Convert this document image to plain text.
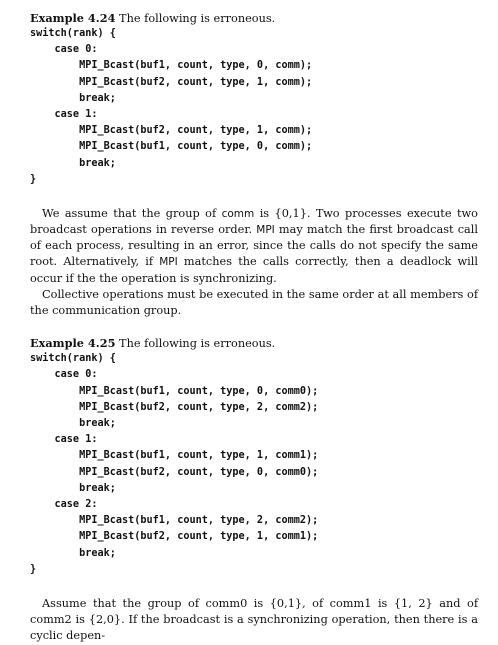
Example 4.24 The following is erroneous.
switch(rank) {
case 0:
MPI_Bcast(buf1, count, type, 0, comm);
MPI_Bcast(buf2, count, type, 1, comm);
break;
case 1:
MPI_Bcast(buf2, count, type, 1, comm);
MPI_Bcast(buf1, count, type, 0, comm);
break;
}

We assume that the group of comm is {0,1}. Two processes execute two broadcast operations in reverse order. MPI may match the first broadcast call of each process, resulting in an error, since the calls do not specify the same root. Alternatively, if MPI matches the calls correctly, then a deadlock will occur if the the operation is synchronizing.

Collective operations must be executed in the same order at all members of the communication group.

Example 4.25 The following is erroneous.
switch(rank) {
case 0:
MPI_Bcast(buf1, count, type, 0, comm0);
MPI_Bcast(buf2, count, type, 2, comm2);
break;
case 1:
MPI_Bcast(buf1, count, type, 1, comm1);
MPI_Bcast(buf2, count, type, 0, comm0);
break;
case 2:
MPI_Bcast(buf1, count, type, 2, comm2);
MPI_Bcast(buf2, count, type, 1, comm1);
break;
}

Assume that the group of comm0 is {0,1}, of comm1 is {1, 2} and of comm2 is {2,0}. If the broadcast is a synchronizing operation, then there is a cyclic depen-
